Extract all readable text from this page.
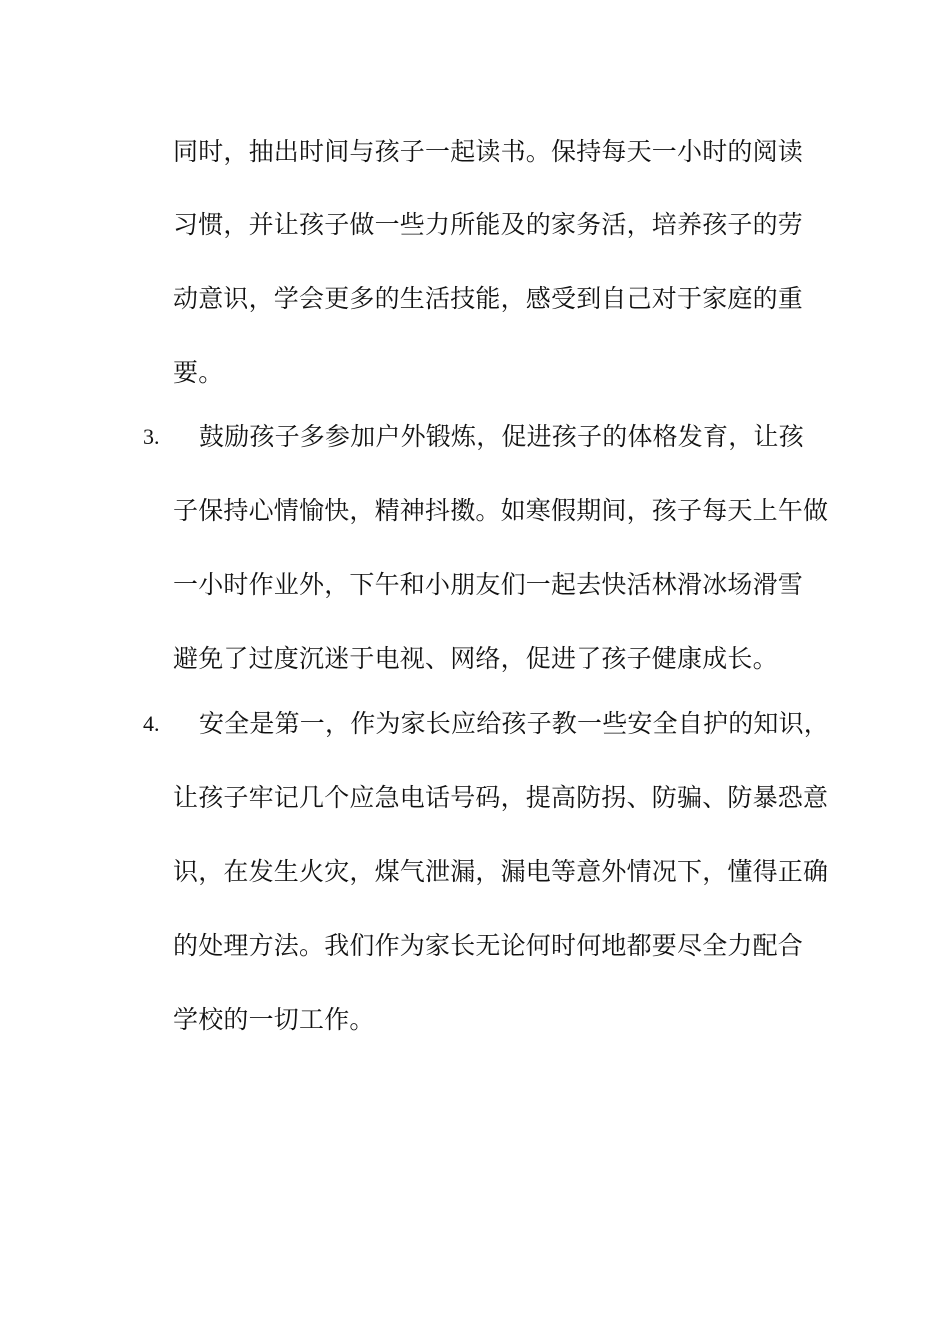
同时，抽出时间与孩子一起读书。保持每天一小时的阅读
习惯，并让孩子做一些力所能及的家务活，培养孩子的劳
动意识，学会更多的生活技能，感受到自己对于家庭的重
要。
3. 鼓励孩子多参加户外锻炼，促进孩子的体格发育，让孩
子保持心情愉快，精神抖擞。如寒假期间，孩子每天上午做
一小时作业外，下午和小朋友们一起去快活林滑冰场滑雪
避免了过度沉迷于电视、网络，促进了孩子健康成长。
4. 安全是第一，作为家长应给孩子教一些安全自护的知识，
让孩子牢记几个应急电话号码，提高防拐、防骗、防暴恐意
识，在发生火灾，煤气泄漏，漏电等意外情况下，懂得正确
的处理方法。我们作为家长无论何时何地都要尽全力配合
学校的一切工作。
